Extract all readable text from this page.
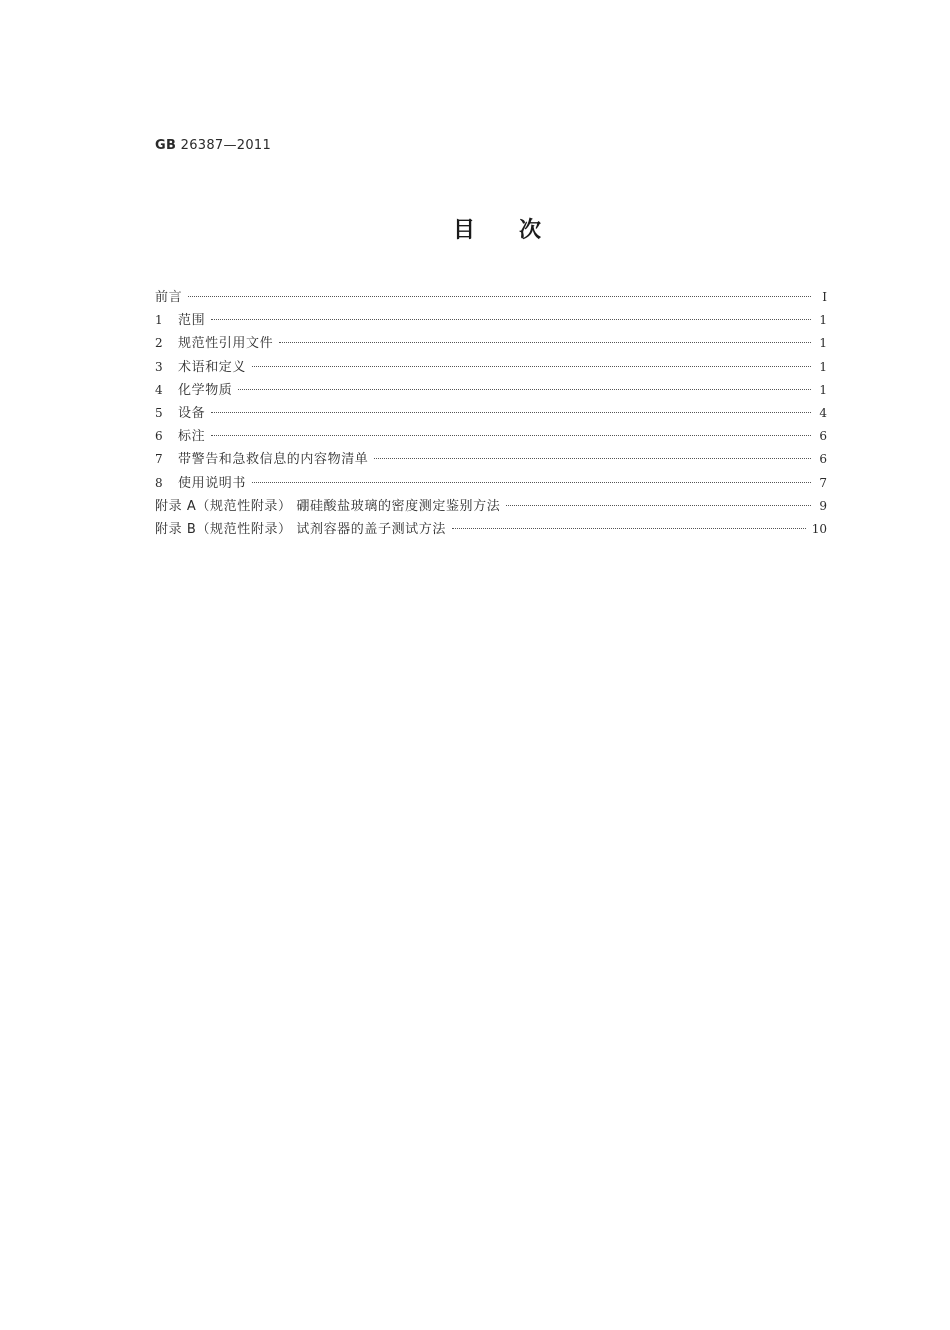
GB 26387—2011
目次
前言	I
1	范围	1
2	规范性引用文件	1
3	术语和定义	1
4	化学物质	1
5	设备	4
6	标注	6
7	带警告和急救信息的内容物清单	6
8	使用说明书	7
附录 A（规范性附录） 硼硅酸盐玻璃的密度测定鉴别方法	9
附录 B（规范性附录） 试剂容器的盖子测试方法	10
